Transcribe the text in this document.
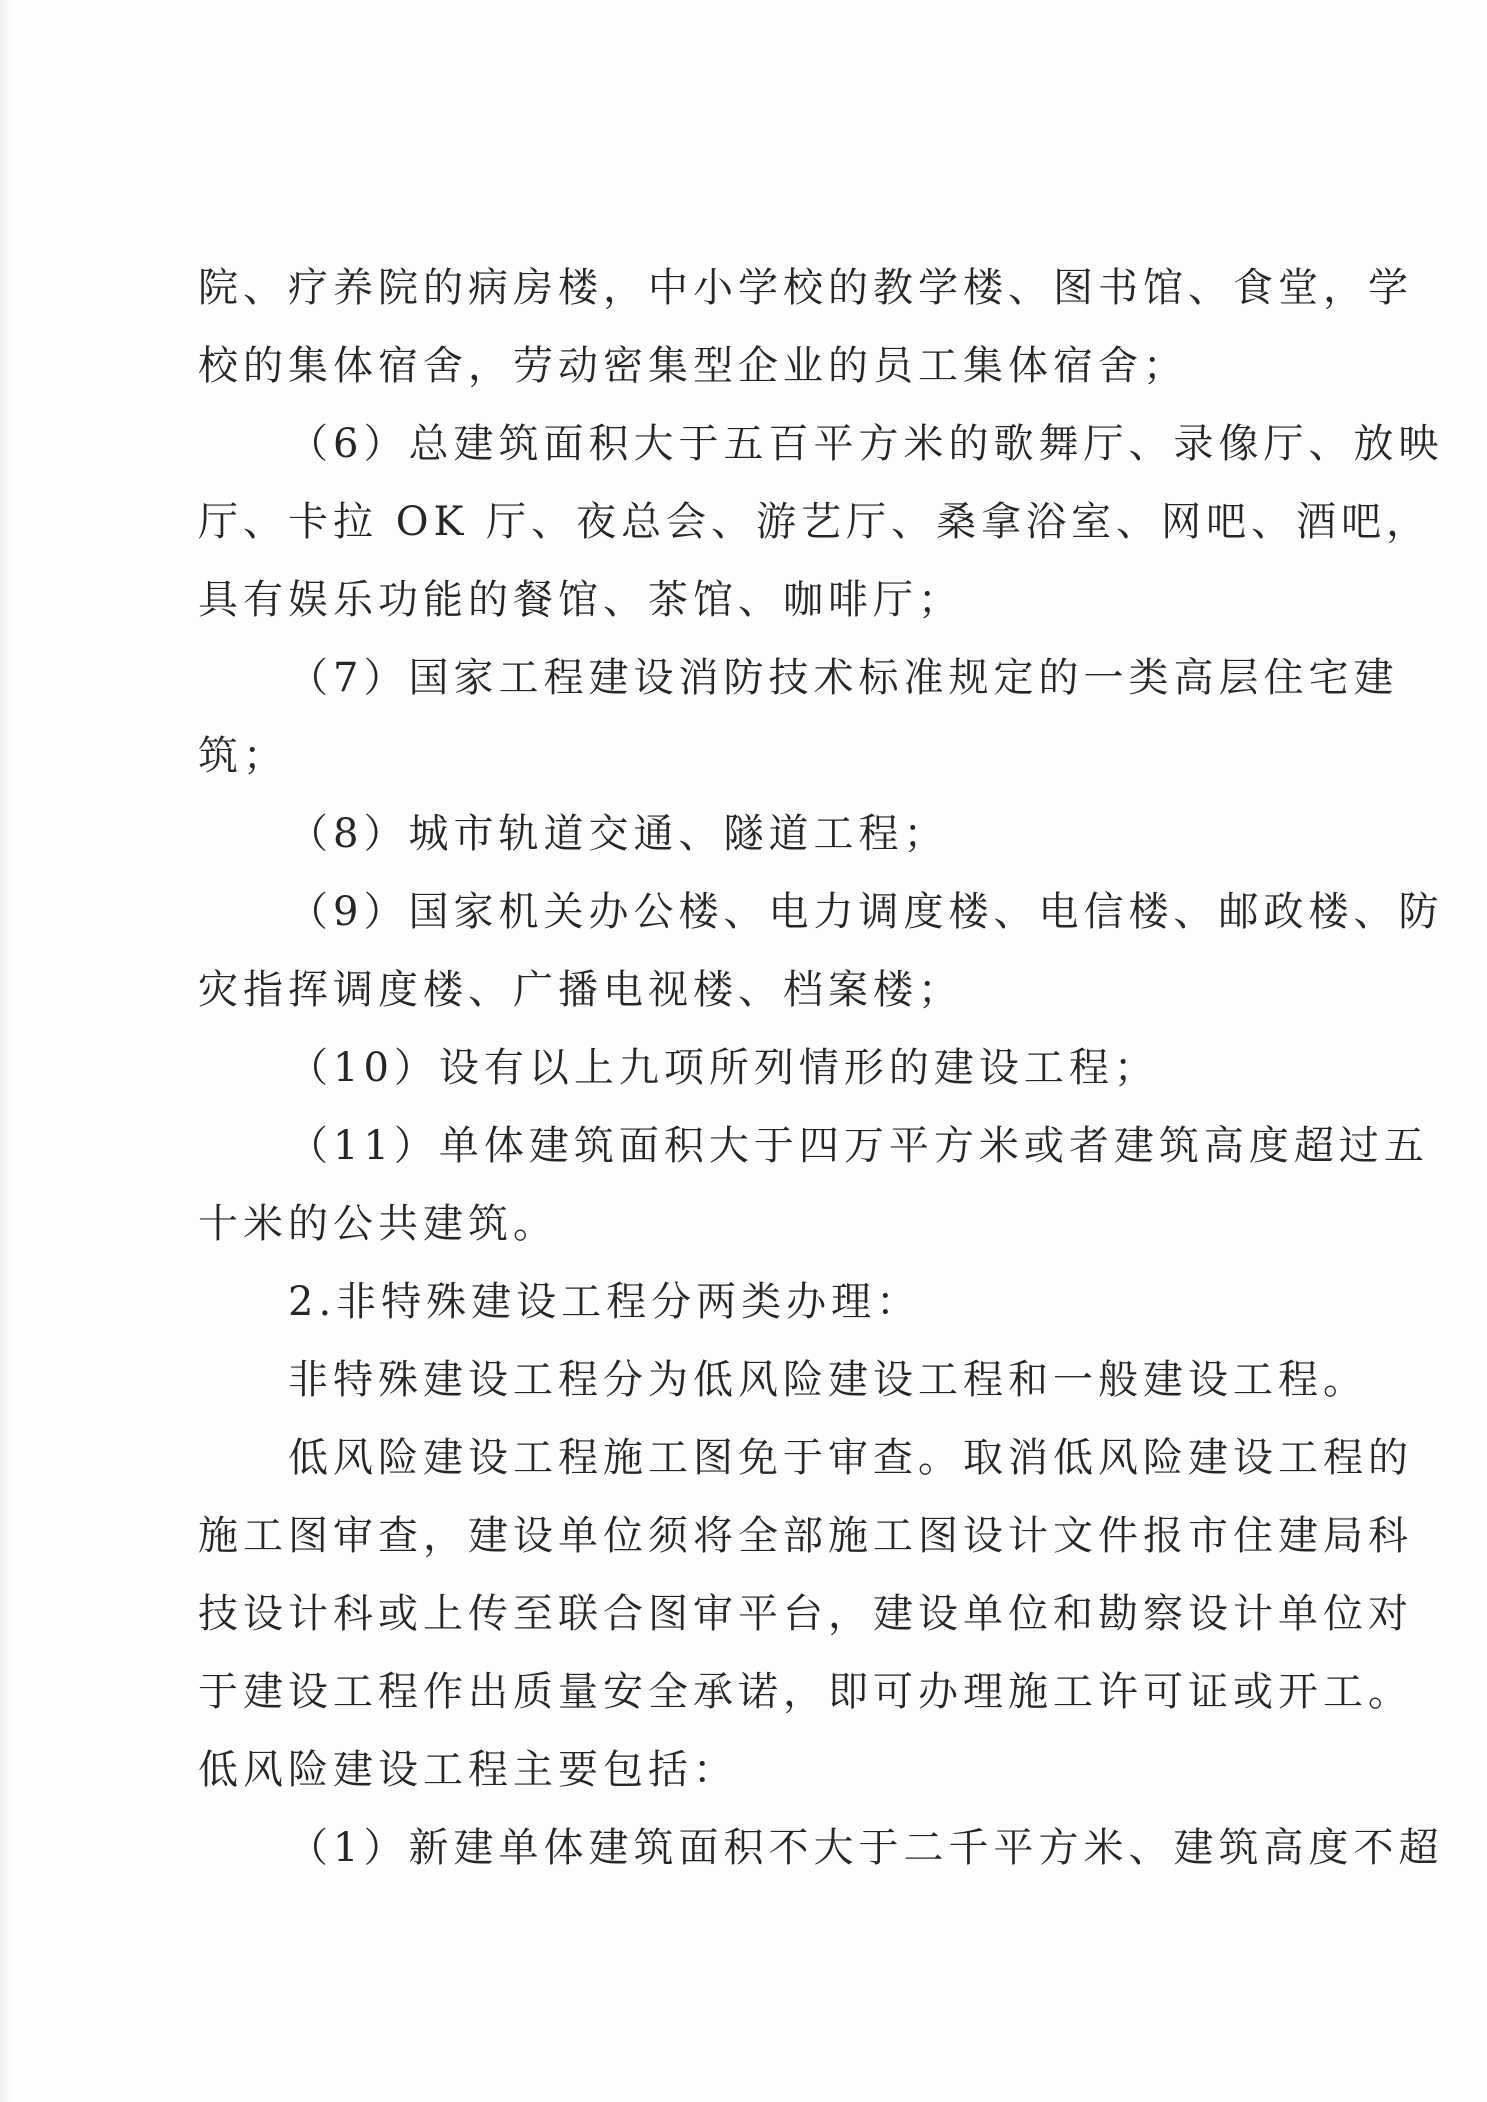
院、疗养院的病房楼，中小学校的教学楼、图书馆、食堂，学
校的集体宿舍，劳动密集型企业的员工集体宿舍；
（6）总建筑面积大于五百平方米的歌舞厅、录像厅、放映
厅、卡拉 OK 厅、夜总会、游艺厅、桑拿浴室、网吧、酒吧，
具有娱乐功能的餐馆、茶馆、咖啡厅；
（7）国家工程建设消防技术标准规定的一类高层住宅建
筑；
（8）城市轨道交通、隧道工程；
（9）国家机关办公楼、电力调度楼、电信楼、邮政楼、防
灾指挥调度楼、广播电视楼、档案楼；
（10）设有以上九项所列情形的建设工程；
（11）单体建筑面积大于四万平方米或者建筑高度超过五
十米的公共建筑。
2.非特殊建设工程分两类办理：
非特殊建设工程分为低风险建设工程和一般建设工程。
低风险建设工程施工图免于审查。取消低风险建设工程的
施工图审查，建设单位须将全部施工图设计文件报市住建局科
技设计科或上传至联合图审平台，建设单位和勘察设计单位对
于建设工程作出质量安全承诺，即可办理施工许可证或开工。
低风险建设工程主要包括：
（1）新建单体建筑面积不大于二千平方米、建筑高度不超
